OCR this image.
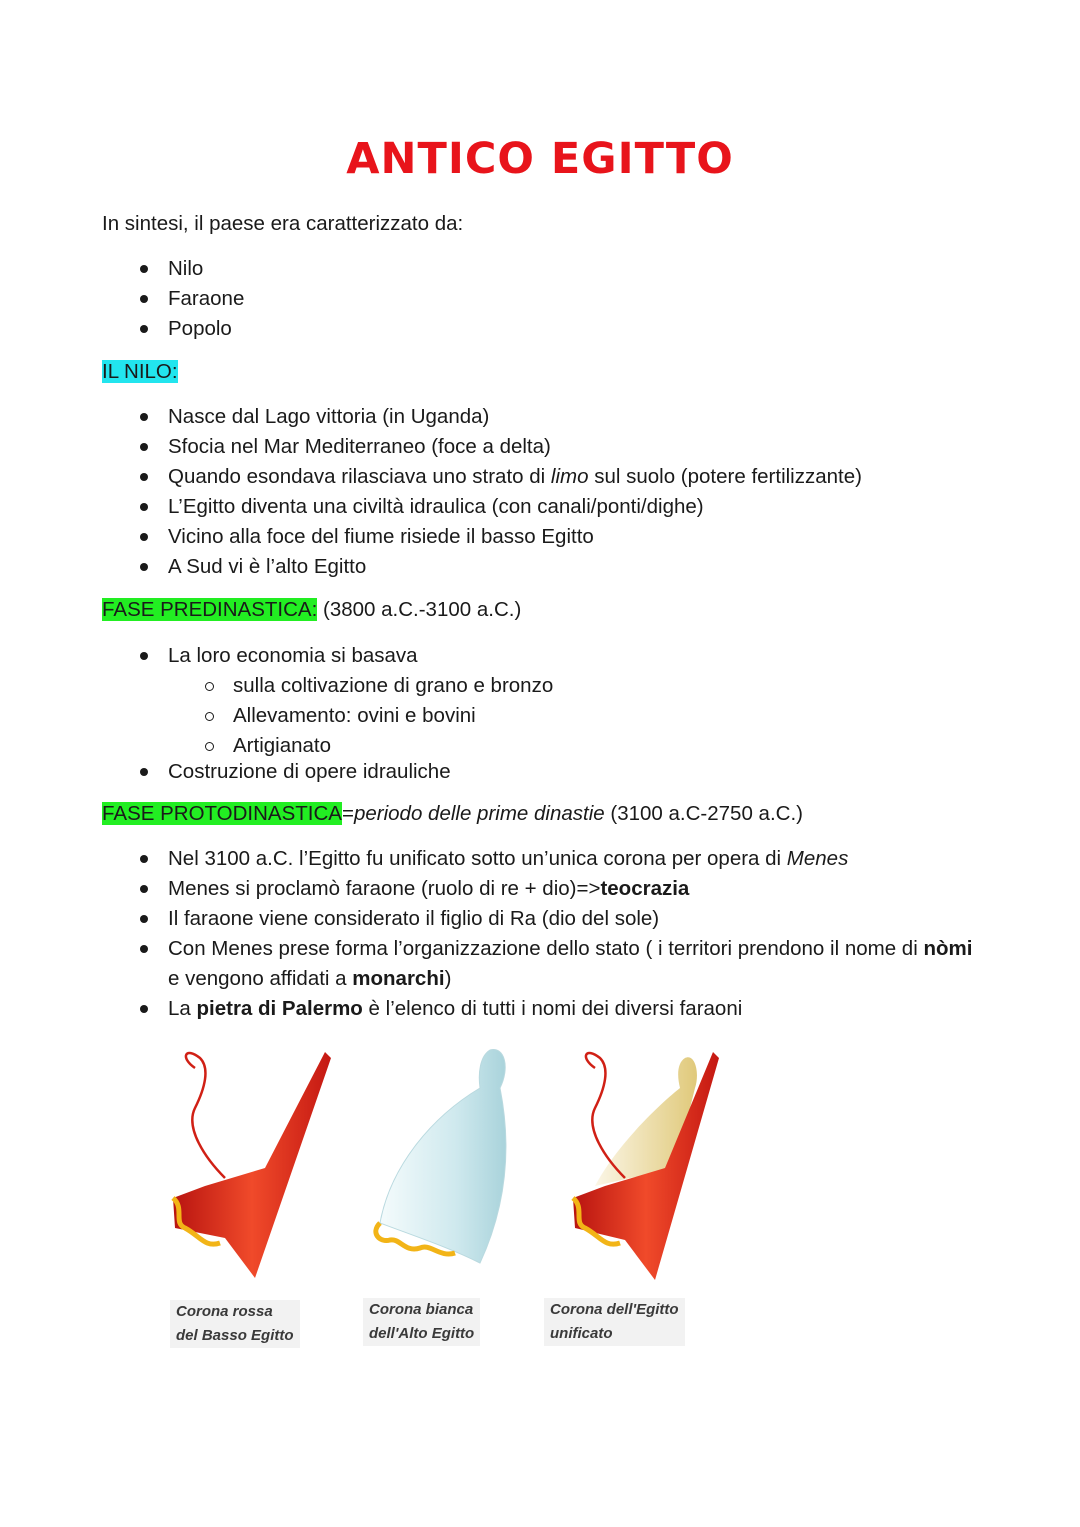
ANTICO EGITTO
In sintesi, il paese era caratterizzato da:
Nilo
Faraone
Popolo
IL NILO:
Nasce dal Lago vittoria (in Uganda)
Sfocia nel Mar Mediterraneo (foce a delta)
Quando esondava rilasciava uno strato di limo sul suolo (potere fertilizzante)
L’Egitto diventa una civiltà idraulica (con canali/ponti/dighe)
Vicino alla foce del fiume risiede il basso Egitto
A Sud vi è l’alto Egitto
FASE PREDINASTICA: (3800 a.C.-3100 a.C.)
La loro economia si basava
sulla coltivazione di grano e bronzo
Allevamento: ovini e bovini
Artigianato
Costruzione di opere idrauliche
FASE PROTODINASTICA=periodo delle prime dinastie (3100 a.C-2750 a.C.)
Nel 3100 a.C. l’Egitto fu unificato sotto un’unica corona per opera di Menes
Menes si proclamò faraone (ruolo di re + dio)=>teocrazia
Il faraone viene considerato il figlio di Ra (dio del sole)
Con Menes prese forma l’organizzazione dello stato ( i territori prendono il nome di nòmi e vengono affidati a monarchi)
La pietra di Palermo è l’elenco di tutti i nomi dei diversi faraoni
Corona rossa
del Basso Egitto
Corona bianca
dell'Alto Egitto
Corona dell'Egitto
unificato
